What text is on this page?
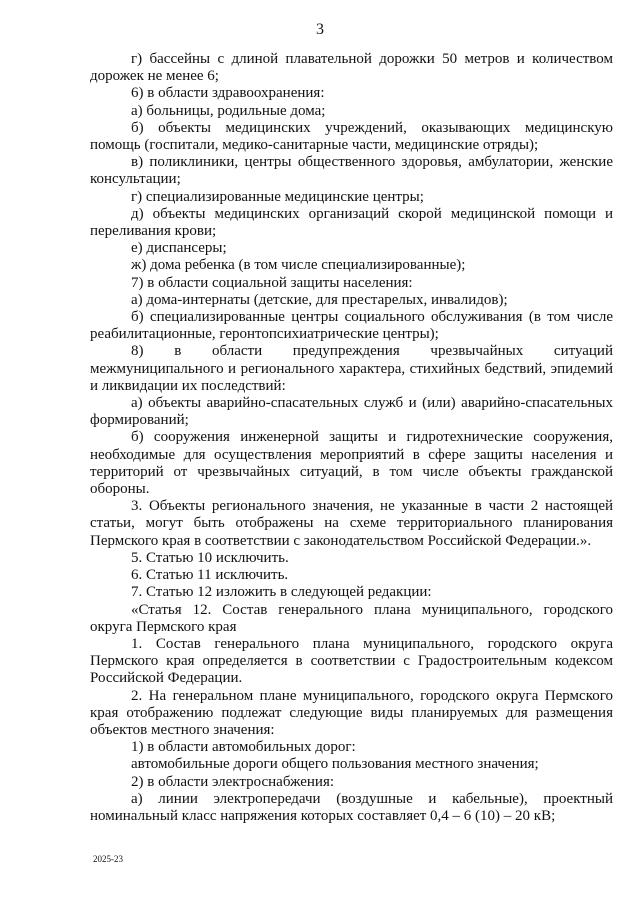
3

г) бассейны с длиной плавательной дорожки 50 метров и количеством дорожек не менее 6;

6) в области здравоохранения:

а) больницы, родильные дома;

б) объекты медицинских учреждений, оказывающих медицинскую помощь (госпитали, медико-санитарные части, медицинские отряды);

в) поликлиники, центры общественного здоровья, амбулатории, женские консультации;

г) специализированные медицинские центры;

д) объекты медицинских организаций скорой медицинской помощи и переливания крови;

е) диспансеры;

ж) дома ребенка (в том числе специализированные);

7) в области социальной защиты населения:

а) дома-интернаты (детские, для престарелых, инвалидов);

б) специализированные центры социального обслуживания (в том числе реабилитационные, геронтопсихиатрические центры);

8) в области предупреждения чрезвычайных ситуаций межмуниципального и регионального характера, стихийных бедствий, эпидемий и ликвидации их последствий:

а) объекты аварийно-спасательных служб и (или) аварийно-спасательных формирований;

б) сооружения инженерной защиты и гидротехнические сооружения, необходимые для осуществления мероприятий в сфере защиты населения и территорий от чрезвычайных ситуаций, в том числе объекты гражданской обороны.

3. Объекты регионального значения, не указанные в части 2 настоящей статьи, могут быть отображены на схеме территориального планирования Пермского края в соответствии с законодательством Российской Федерации.».

5. Статью 10 исключить.

6. Статью 11 исключить.

7. Статью 12 изложить в следующей редакции:

«Статья 12. Состав генерального плана муниципального, городского округа Пермского края

1. Состав генерального плана муниципального, городского округа Пермского края определяется в соответствии с Градостроительным кодексом Российской Федерации.

2. На генеральном плане муниципального, городского округа Пермского края отображению подлежат следующие виды планируемых для размещения объектов местного значения:

1) в области автомобильных дорог:

автомобильные дороги общего пользования местного значения;

2) в области электроснабжения:

а) линии электропередачи (воздушные и кабельные), проектный номинальный класс напряжения которых составляет 0,4 – 6 (10) – 20 кВ;

2025-23
